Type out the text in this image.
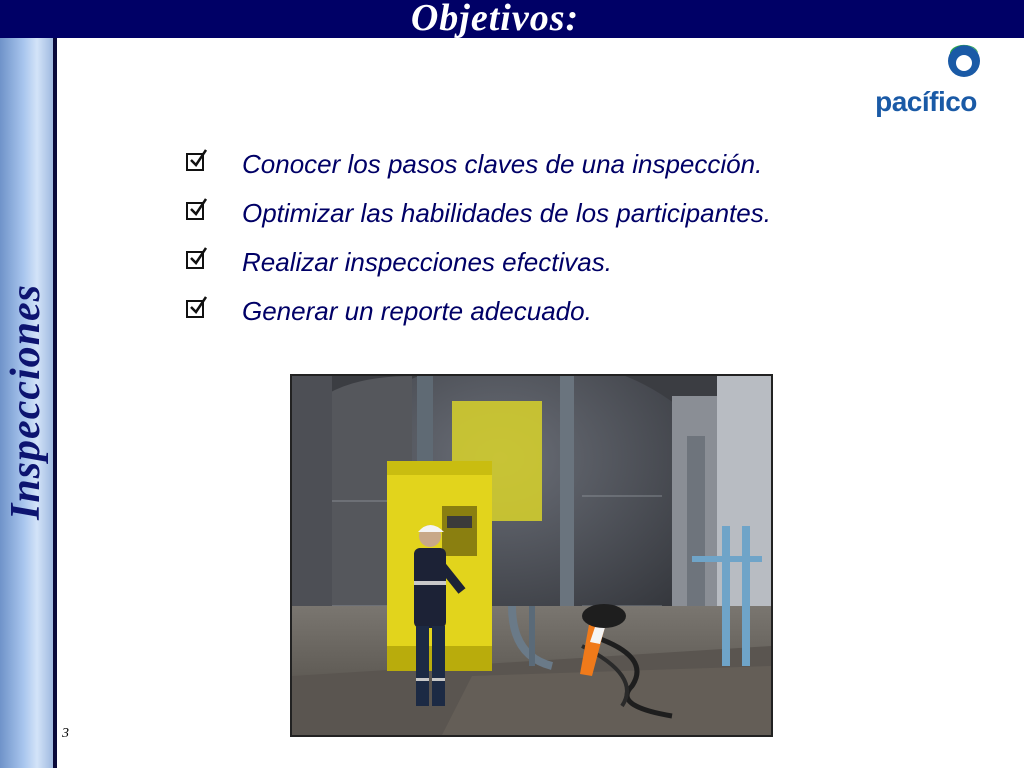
Objetivos:
Inspecciones
3
pacífico
Conocer los pasos claves de una inspección.
Optimizar las habilidades de los participantes.
Realizar inspecciones efectivas.
Generar un reporte adecuado.
